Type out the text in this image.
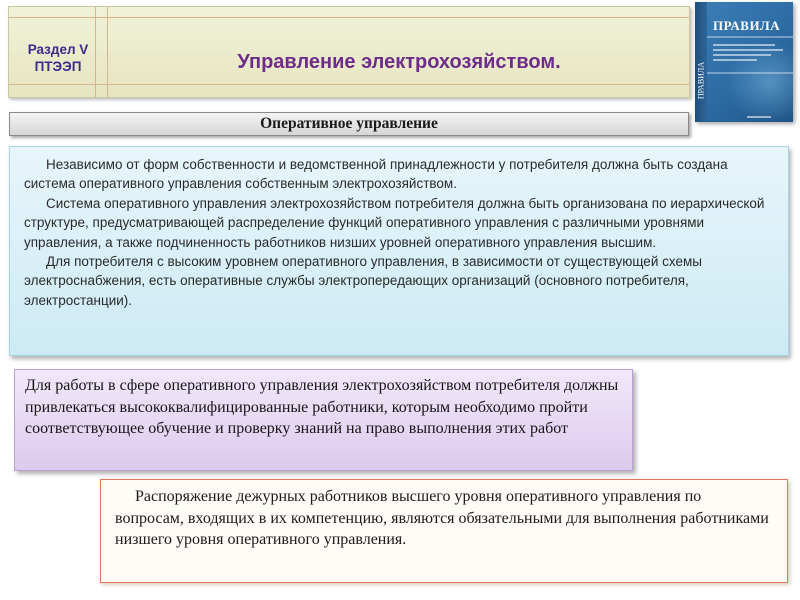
Раздел V
ПТЭЭП	Управление электрохозяйством.	ПРАВИЛА
ПРАВИЛА
Оперативное управление

Независимо от форм собственности и ведомственной принадлежности у потребителя должна быть создана система оперативного управления собственным электрохозяйством.

Система оперативного управления электрохозяйством потребителя должна быть организована по иерархической структуре, предусматривающей распределение функций оперативного управления с различными уровнями управления, а также подчиненность работников низших уровней оперативного управления высшим.

Для потребителя с высоким уровнем оперативного управления, в зависимости от существующей схемы электроснабжения, есть оперативные службы электропередающих организаций (основного потребителя, электростанции).

Для работы в сфере оперативного управления электрохозяйством потребителя должны привлекаться высококвалифицированные работники, которым необходимо пройти соответствующее обучение и проверку знаний на право выполнения этих работ

Распоряжение дежурных работников высшего уровня оперативного управления по вопросам, входящих в их компетенцию, являются обязательными для выполнения работниками низшего уровня оперативного управления.
